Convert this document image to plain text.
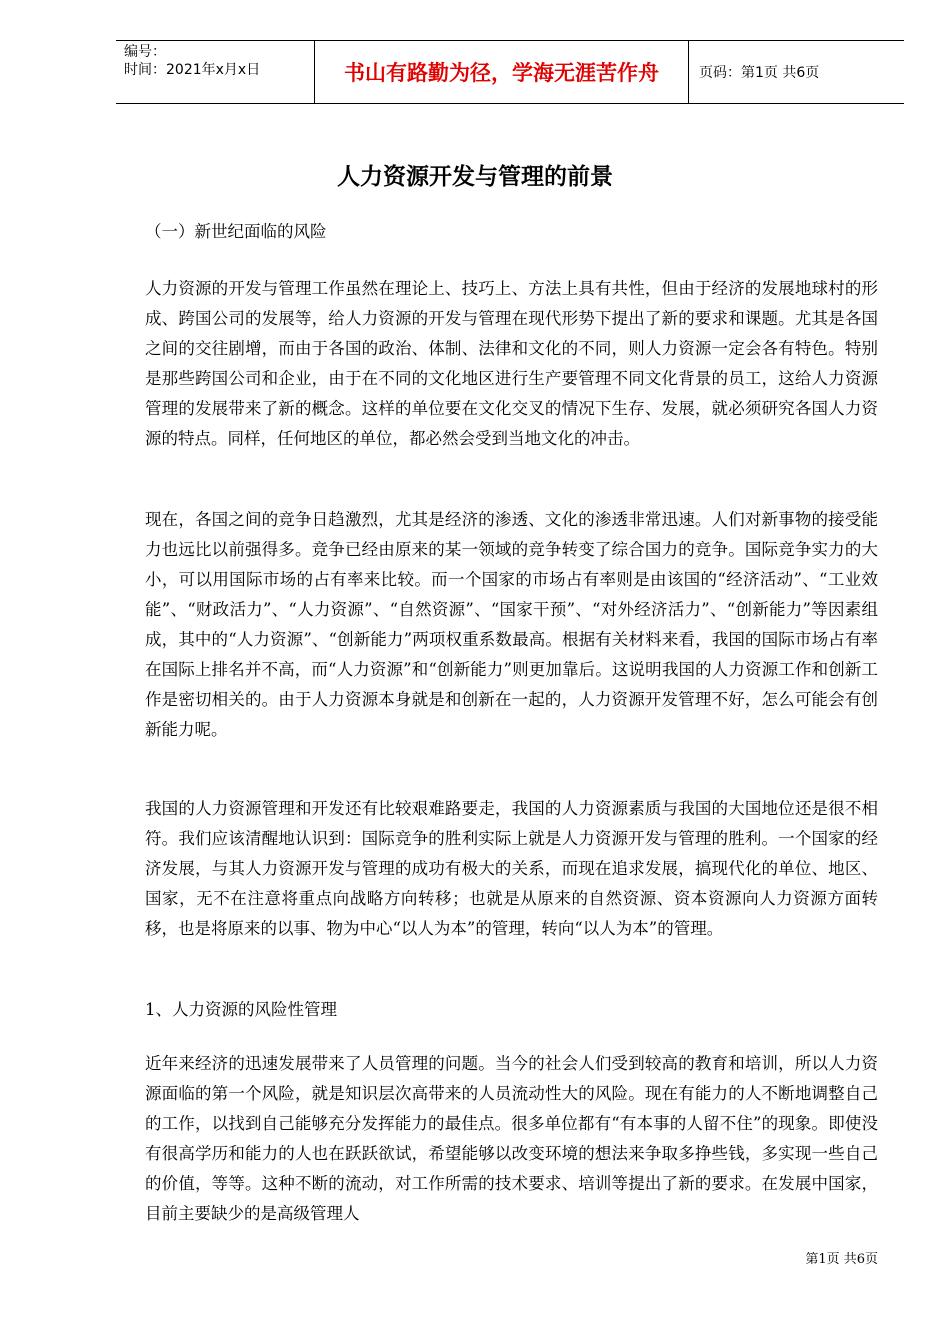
编号：
时间：2021年x月x日	书山有路勤为径，学海无涯苦作舟	页码：第1页 共6页
人力资源开发与管理的前景

（一）新世纪面临的风险

人力资源的开发与管理工作虽然在理论上、技巧上、方法上具有共性，但由于经济的发展地球村的形成、跨国公司的发展等，给人力资源的开发与管理在现代形势下提出了新的要求和课题。尤其是各国之间的交往剧增，而由于各国的政治、体制、法律和文化的不同，则人力资源一定会各有特色。特别是那些跨国公司和企业，由于在不同的文化地区进行生产要管理不同文化背景的员工，这给人力资源管理的发展带来了新的概念。这样的单位要在文化交叉的情况下生存、发展，就必须研究各国人力资源的特点。同样，任何地区的单位，都必然会受到当地文化的冲击。

现在，各国之间的竞争日趋激烈，尤其是经济的渗透、文化的渗透非常迅速。人们对新事物的接受能力也远比以前强得多。竞争已经由原来的某一领域的竞争转变了综合国力的竞争。国际竞争实力的大小，可以用国际市场的占有率来比较。而一个国家的市场占有率则是由该国的“经济活动”、“工业效能”、“财政活力”、“人力资源”、“自然资源”、“国家干预”、“对外经济活力”、“创新能力”等因素组成，其中的“人力资源”、“创新能力”两项权重系数最高。根据有关材料来看，我国的国际市场占有率在国际上排名并不高，而“人力资源”和“创新能力”则更加靠后。这说明我国的人力资源工作和创新工作是密切相关的。由于人力资源本身就是和创新在一起的，人力资源开发管理不好，怎么可能会有创新能力呢。

我国的人力资源管理和开发还有比较艰难路要走，我国的人力资源素质与我国的大国地位还是很不相符。我们应该清醒地认识到：国际竞争的胜利实际上就是人力资源开发与管理的胜利。一个国家的经济发展，与其人力资源开发与管理的成功有极大的关系，而现在追求发展，搞现代化的单位、地区、国家，无不在注意将重点向战略方向转移；也就是从原来的自然资源、资本资源向人力资源方面转移，也是将原来的以事、物为中心“以人为本”的管理，转向“以人为本”的管理。

1、人力资源的风险性管理

近年来经济的迅速发展带来了人员管理的问题。当今的社会人们受到较高的教育和培训，所以人力资源面临的第一个风险，就是知识层次高带来的人员流动性大的风险。现在有能力的人不断地调整自己的工作，以找到自己能够充分发挥能力的最佳点。很多单位都有“有本事的人留不住”的现象。即使没有很高学历和能力的人也在跃跃欲试，希望能够以改变环境的想法来争取多挣些钱，多实现一些自己的价值，等等。这种不断的流动，对工作所需的技术要求、培训等提出了新的要求。在发展中国家，目前主要缺少的是高级管理人

第1页 共6页
